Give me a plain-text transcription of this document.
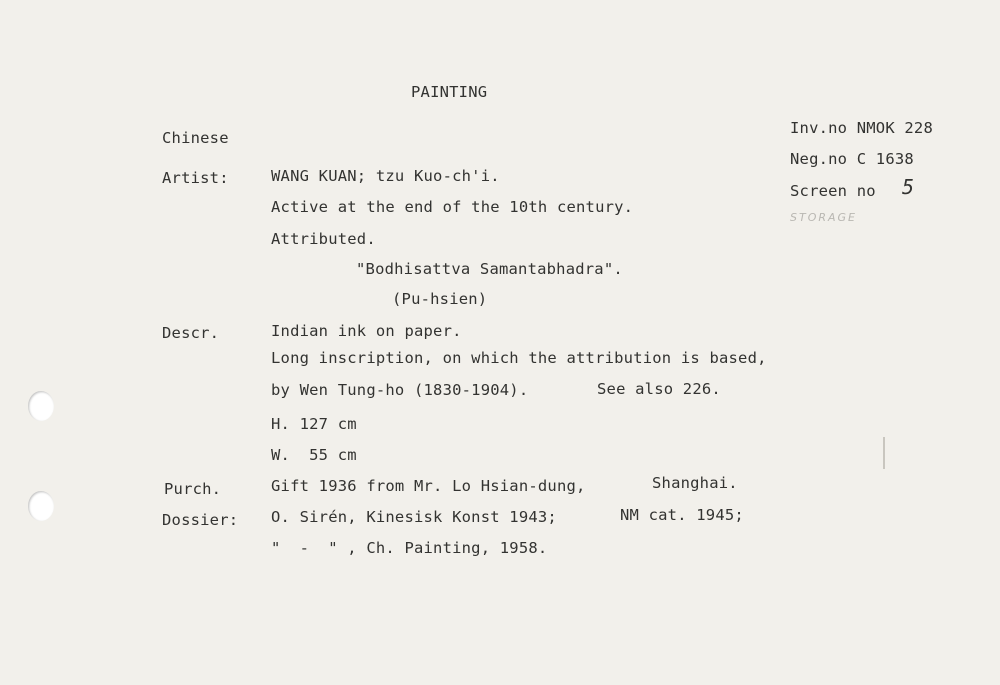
PAINTING
Chinese
Inv.no NMOK 228
Neg.no C 1638
Screen no 5
STORAGE
Artist:	WANG KUAN; tzu Kuo-ch'i.
Active at the end of the 10th century.
Attributed.
"Bodhisattva Samantabhadra".
(Pu-hsien)
Descr.	Indian ink on paper.
Long inscription, on which the attribution is based,
by Wen Tung-ho (1830-1904).	See also 226.
H. 127 cm
W.  55 cm
Purch.	Gift 1936 from Mr. Lo Hsian-dung,	Shanghai.
Dossier: O. Sirén, Kinesisk Konst 1943;	NM cat. 1945;
"  -  " , Ch. Painting, 1958.
